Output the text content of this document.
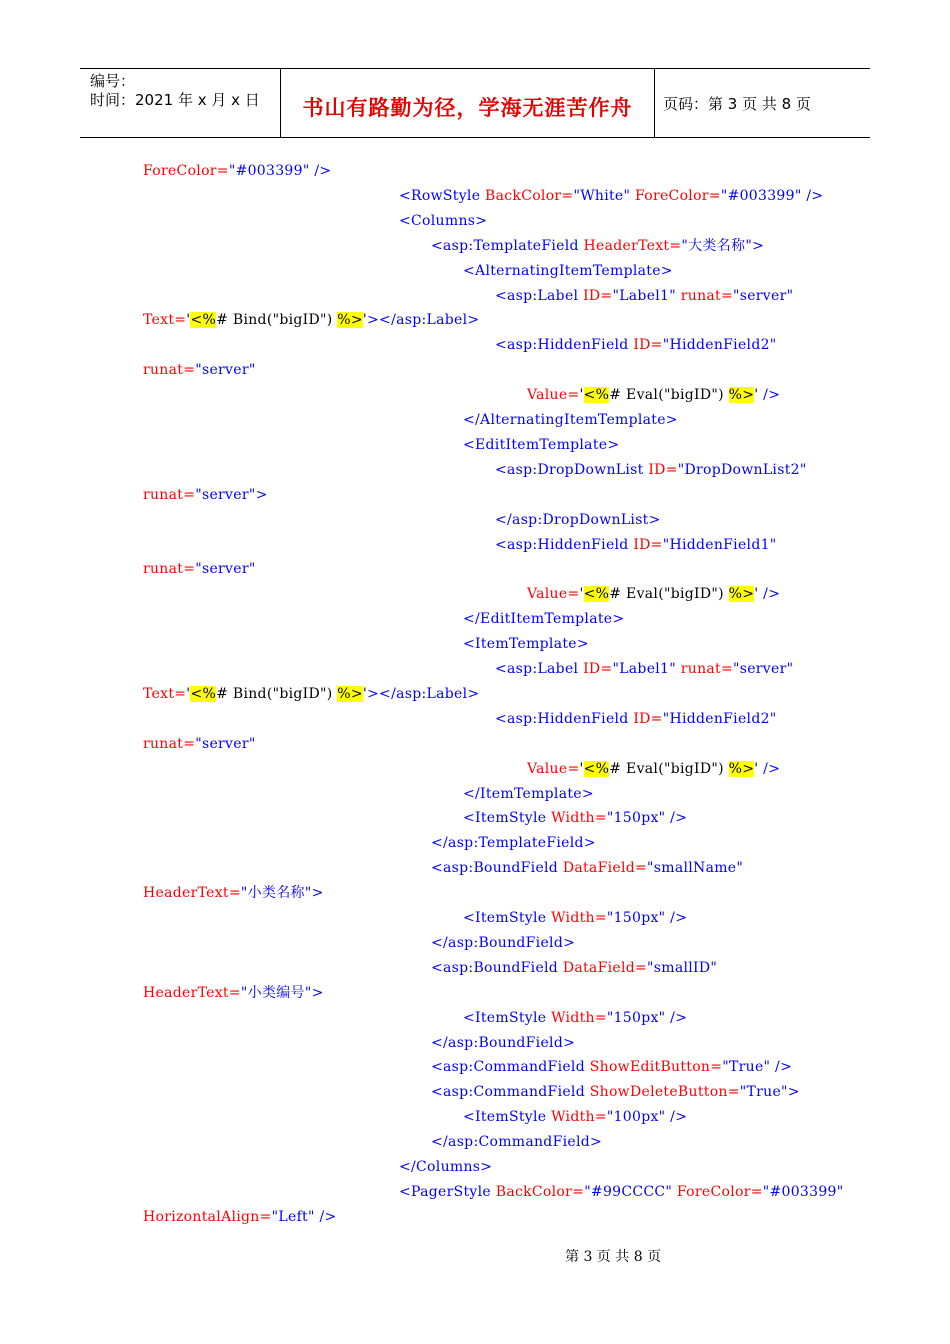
编号：
时间：2021 年 x 月 x 日	书山有路勤为径，学海无涯苦作舟	页码：第 3 页 共 8 页
ForeColor="#003399" />
<RowStyle BackColor="White" ForeColor="#003399" />
<Columns>
<asp:TemplateField HeaderText="大类名称">
<AlternatingItemTemplate>
<asp:Label ID="Label1" runat="server"
Text='<%# Bind("bigID") %>'></asp:Label>
<asp:HiddenField ID="HiddenField2"
runat="server"
Value='<%# Eval("bigID") %>' />
</AlternatingItemTemplate>
<EditItemTemplate>
<asp:DropDownList ID="DropDownList2"
runat="server">
</asp:DropDownList>
<asp:HiddenField ID="HiddenField1"
runat="server"
Value='<%# Eval("bigID") %>' />
</EditItemTemplate>
<ItemTemplate>
<asp:Label ID="Label1" runat="server"
Text='<%# Bind("bigID") %>'></asp:Label>
<asp:HiddenField ID="HiddenField2"
runat="server"
Value='<%# Eval("bigID") %>' />
</ItemTemplate>
<ItemStyle Width="150px" />
</asp:TemplateField>
<asp:BoundField DataField="smallName"
HeaderText="小类名称">
<ItemStyle Width="150px" />
</asp:BoundField>
<asp:BoundField DataField="smallID"
HeaderText="小类编号">
<ItemStyle Width="150px" />
</asp:BoundField>
<asp:CommandField ShowEditButton="True" />
<asp:CommandField ShowDeleteButton="True">
<ItemStyle Width="100px" />
</asp:CommandField>
</Columns>
<PagerStyle BackColor="#99CCCC" ForeColor="#003399"
HorizontalAlign="Left" />
第 3 页 共 8 页
